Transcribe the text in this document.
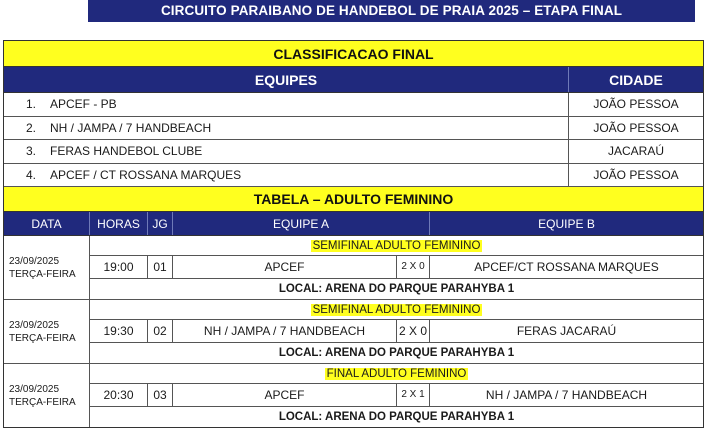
CIRCUITO PARAIBANO DE HANDEBOL DE PRAIA 2025 – ETAPA FINAL
CLASSIFICACAO FINAL
EQUIPES	CIDADE
1. APCEF - PB	JOÃO PESSOA
2. NH / JAMPA / 7 HANDBEACH	JOÃO PESSOA
3. FERAS HANDEBOL CLUBE	JACARAÚ
4. APCEF / CT ROSSANA MARQUES	JOÃO PESSOA
TABELA – ADULTO FEMININO
DATA	HORAS	JG	EQUIPE A	EQUIPE B
23/09/2025
TERÇA-FEIRA
SEMIFINAL ADULTO FEMININO
19:00	01	APCEF	2 X 0	APCEF/CT ROSSANA MARQUES
LOCAL: ARENA DO PARQUE PARAHYBA 1
23/09/2025
TERÇA-FEIRA
SEMIFINAL ADULTO FEMININO
19:30	02	NH / JAMPA / 7 HANDBEACH	2 X 0	FERAS JACARAÚ
LOCAL: ARENA DO PARQUE PARAHYBA 1
23/09/2025
TERÇA-FEIRA
FINAL ADULTO FEMININO
20:30	03	APCEF	2 X 1	NH / JAMPA / 7 HANDBEACH
LOCAL: ARENA DO PARQUE PARAHYBA 1
